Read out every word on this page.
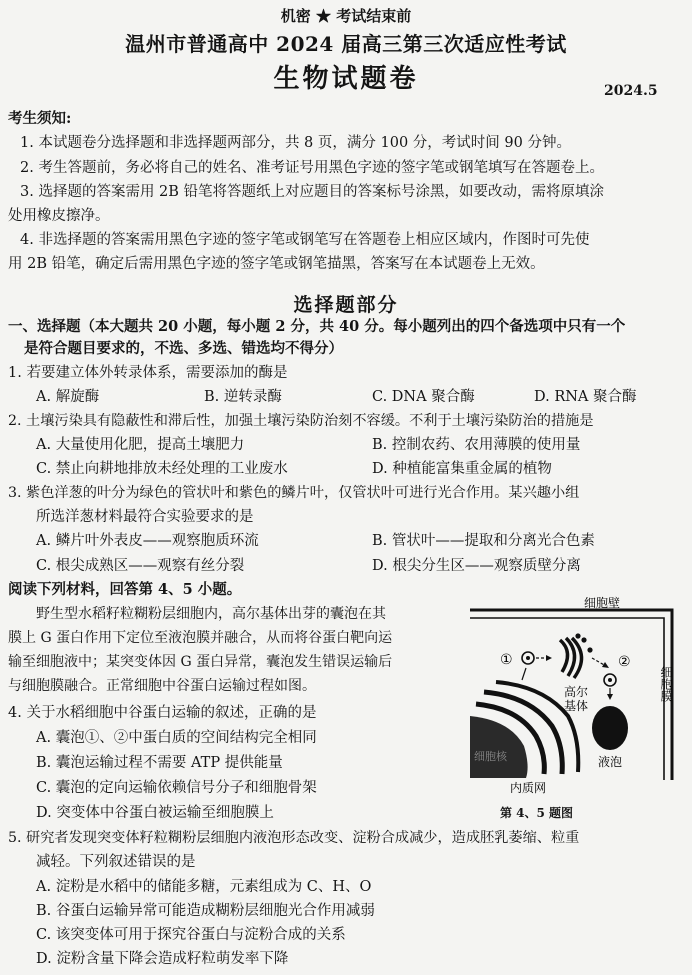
机密 ★ 考试结束前
温州市普通高中 2024 届高三第三次适应性考试
生物试题卷	2024.5
考生须知:
1. 本试题卷分选择题和非选择题两部分，共 8 页，满分 100 分，考试时间 90 分钟。
2. 考生答题前，务必将自己的姓名、准考证号用黑色字迹的签字笔或钢笔填写在答题卷上。
3. 选择题的答案需用 2B 铅笔将答题纸上对应题目的答案标号涂黑，如要改动，需将原填涂
处用橡皮擦净。
4. 非选择题的答案需用黑色字迹的签字笔或钢笔写在答题卷上相应区域内，作图时可先使
用 2B 铅笔，确定后需用黑色字迹的签字笔或钢笔描黑，答案写在本试题卷上无效。
选择题部分
一、选择题（本大题共 20 小题，每小题 2 分，共 40 分。每小题列出的四个备选项中只有一个
是符合题目要求的，不选、多选、错选均不得分）
1. 若要建立体外转录体系，需要添加的酶是
A. 解旋酶	B. 逆转录酶	C. DNA 聚合酶	D. RNA 聚合酶
2. 土壤污染具有隐蔽性和滞后性，加强土壤污染防治刻不容缓。不利于土壤污染防治的措施是
A. 大量使用化肥，提高土壤肥力	B. 控制农药、农用薄膜的使用量
C. 禁止向耕地排放未经处理的工业废水	D. 种植能富集重金属的植物
3. 紫色洋葱的叶分为绿色的管状叶和紫色的鳞片叶，仅管状叶可进行光合作用。某兴趣小组
所选洋葱材料最符合实验要求的是
A. 鳞片叶外表皮——观察胞质环流	B. 管状叶——提取和分离光合色素
C. 根尖成熟区——观察有丝分裂	D. 根尖分生区——观察质壁分离
阅读下列材料，回答第 4、5 小题。
野生型水稻籽粒糊粉层细胞内，高尔基体出芽的囊泡在其
膜上 G 蛋白作用下定位至液泡膜并融合，从而将谷蛋白靶向运
输至细胞液中；某突变体因 G 蛋白异常，囊泡发生错误运输后
与细胞膜融合。正常细胞中谷蛋白运输过程如图。
4. 关于水稻细胞中谷蛋白运输的叙述，正确的是
A. 囊泡①、②中蛋白质的空间结构完全相同
B. 囊泡运输过程不需要 ATP 提供能量
C. 囊泡的定向运输依赖信号分子和细胞骨架
D. 突变体中谷蛋白被运输至细胞膜上
5. 研究者发现突变体籽粒糊粉层细胞内液泡形态改变、淀粉合成减少，造成胚乳萎缩、粒重
减轻。下列叙述错误的是
A. 淀粉是水稻中的储能多糖，元素组成为 C、H、O
B. 谷蛋白运输异常可能造成糊粉层细胞光合作用减弱
C. 该突变体可用于探究谷蛋白与淀粉合成的关系
D. 淀粉含量下降会造成籽粒萌发率下降
细胞壁
细胞膜
细胞核
内质网
①
高尔
基体
②
液泡
第 4、5 题图
